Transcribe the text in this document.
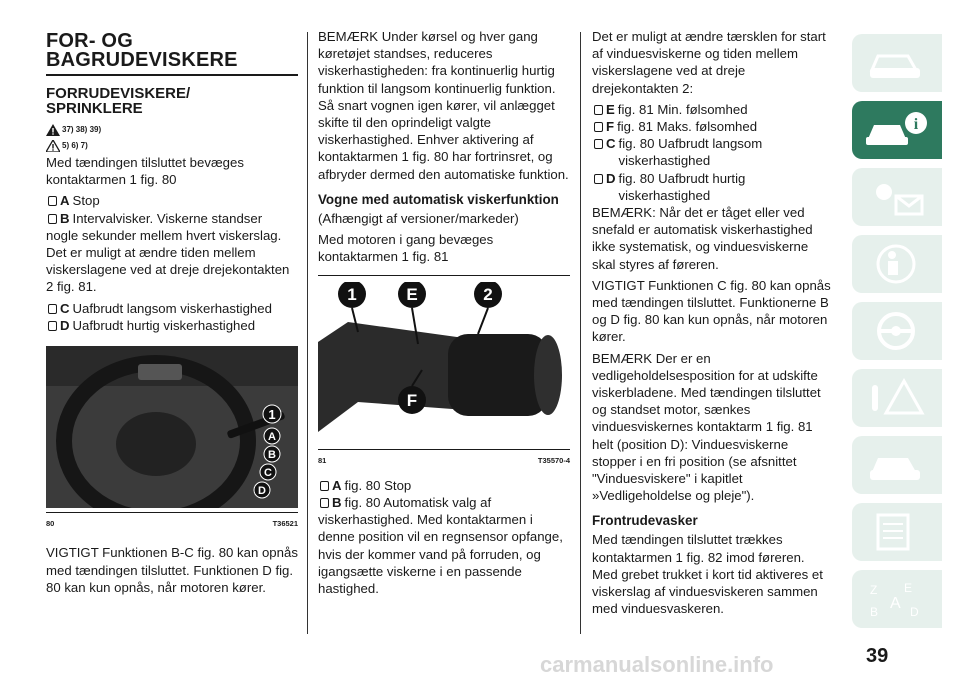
FOR- OG
BAGRUDEVISKERE
FORRUDEVISKERE/
SPRINKLERE
37) 38) 39)
5) 6) 7)

Med tændingen tilsluttet bevæges kontaktarmen 1 fig. 80

A Stop
B Intervalvisker. Viskerne standser

nogle sekunder mellem hvert viskerslag. Det er muligt at ændre tiden mellem viskerslagene ved at dreje drejekontakten 2 fig. 81.

C Uafbrudt langsom viskerhastighed
D Uafbrudt hurtig viskerhastighed
1
A
B
C
D
80	T36521

VIGTIGT Funktionen B-C fig. 80 kan opnås med tændingen tilsluttet. Funktionen D fig. 80 kan kun opnås, når motoren kører.

BEMÆRK Under kørsel og hver gang køretøjet standses, reduceres viskerhastigheden: fra kontinuerlig hurtig funktion til langsom kontinuerlig funktion. Så snart vognen igen kører, vil anlægget skifte til den oprindeligt valgte viskerhastighed. Enhver aktivering af kontaktarmen 1 fig. 80 har fortrinsret, og afbryder dermed den automatiske funktion.

Vogne med automatisk viskerfunktion

(Afhængigt af versioner/markeder)

Med motoren i gang bevæges kontaktarmen 1 fig. 81

1	E	2
F
81	T35570-4
A fig. 80 Stop
B fig. 80 Automatisk valg af

viskerhastighed. Med kontaktarmen i denne position vil en regnsensor opfange, hvis der kommer vand på forruden, og igangsætte viskerne i en passende hastighed.

Det er muligt at ændre tærsklen for start af vinduesviskerne og tiden mellem viskerslagene ved at dreje drejekontakten 2:

E fig. 81 Min. følsomhed
F fig. 81 Maks. følsomhed
C fig. 80 Uafbrudt langsom viskerhastighed
D fig. 80 Uafbrudt hurtig viskerhastighed

BEMÆRK: Når det er tåget eller ved snefald er automatisk viskerhastighed ikke systematisk, og vinduesviskerne skal styres af føreren.

VIGTIGT Funktionen C fig. 80 kan opnås med tændingen tilsluttet. Funktionerne B og D fig. 80 kan kun opnås, når motoren kører.

BEMÆRK Der er en vedligeholdelsesposition for at udskifte viskerbladene. Med tændingen tilsluttet og standset motor, sænkes vinduesviskernes kontaktarm 1 fig. 81 helt (position D): Vinduesviskerne stopper i en fri position (se afsnittet "Vinduesviskere" i kapitlet »Vedligeholdelse og pleje").

Frontrudevasker

Med tændingen tilsluttet trækkes kontaktarmen 1 fig. 82 imod føreren. Med grebet trukket i kort tid aktiveres et viskerslag af vinduesviskeren sammen med vinduesvaskeren.

i
Z E
B A D
carmanualsonline.info	39
